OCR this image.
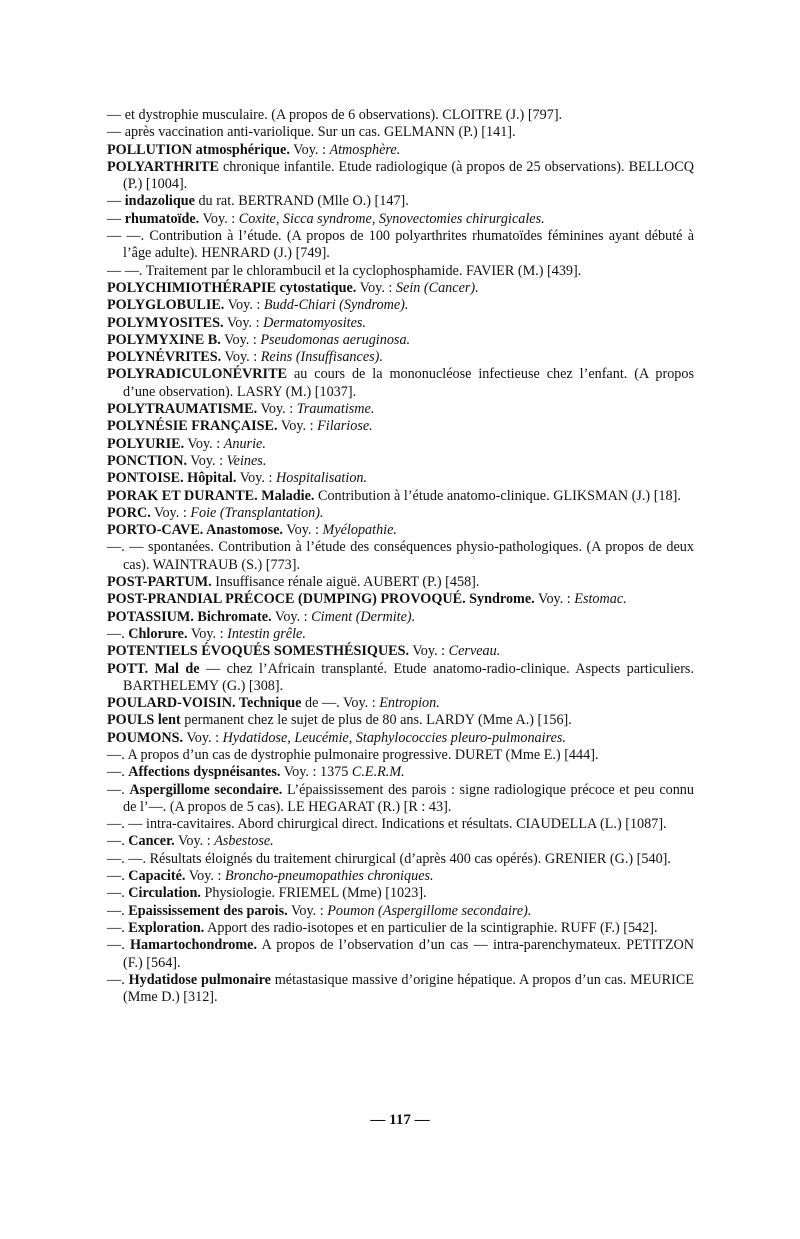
— et dystrophie musculaire. (A propos de 6 observations). CLOITRE (J.) [797].

— après vaccination anti-variolique. Sur un cas. GELMANN (P.) [141].

POLLUTION atmosphérique. Voy. : Atmosphère.

POLYARTHRITE chronique infantile. Etude radiologique (à propos de 25 observations). BELLOCQ (P.) [1004].

— indazolique du rat. BERTRAND (Mlle O.) [147].

— rhumatoïde. Voy. : Coxite, Sicca syndrome, Synovectomies chirurgicales.

— —. Contribution à l’étude. (A propos de 100 polyarthrites rhumatoïdes féminines ayant débuté à l’âge adulte). HENRARD (J.) [749].

— —. Traitement par le chlorambucil et la cyclophosphamide. FAVIER (M.) [439].

POLYCHIMIOTHÉRAPIE cytostatique. Voy. : Sein (Cancer).

POLYGLOBULIE. Voy. : Budd-Chiari (Syndrome).

POLYMYOSITES. Voy. : Dermatomyosites.

POLYMYXINE B. Voy. : Pseudomonas aeruginosa.

POLYNÉVRITES. Voy. : Reins (Insuffisances).

POLYRADICULONÉVRITE au cours de la mononucléose infectieuse chez l’enfant. (A propos d’une observation). LASRY (M.) [1037].

POLYTRAUMATISME. Voy. : Traumatisme.

POLYNÉSIE FRANÇAISE. Voy. : Filariose.

POLYURIE. Voy. : Anurie.

PONCTION. Voy. : Veines.

PONTOISE. Hôpital. Voy. : Hospitalisation.

PORAK ET DURANTE. Maladie. Contribution à l’étude anatomo-clinique. GLIKSMAN (J.) [18].

PORC. Voy. : Foie (Transplantation).

PORTO-CAVE. Anastomose. Voy. : Myélopathie.

—. — spontanées. Contribution à l’étude des conséquences physio-pathologiques. (A propos de deux cas). WAINTRAUB (S.) [773].

POST-PARTUM. Insuffisance rénale aiguë. AUBERT (P.) [458].

POST-PRANDIAL PRÉCOCE (DUMPING) PROVOQUÉ. Syndrome. Voy. : Estomac.

POTASSIUM. Bichromate. Voy. : Ciment (Dermite).

—. Chlorure. Voy. : Intestin grêle.

POTENTIELS ÉVOQUÉS SOMESTHÉSIQUES. Voy. : Cerveau.

POTT. Mal de — chez l’Africain transplanté. Etude anatomo-radio-clinique. Aspects particuliers. BARTHELEMY (G.) [308].

POULARD-VOISIN. Technique de —. Voy. : Entropion.

POULS lent permanent chez le sujet de plus de 80 ans. LARDY (Mme A.) [156].

POUMONS. Voy. : Hydatidose, Leucémie, Staphylococcies pleuro-pulmonaires.

—. A propos d’un cas de dystrophie pulmonaire progressive. DURET (Mme E.) [444].

—. Affections dyspnéisantes. Voy. : 1375 C.E.R.M.

—. Aspergillome secondaire. L’épaississement des parois : signe radiologique précoce et peu connu de l’—. (A propos de 5 cas). LE HEGARAT (R.) [R : 43].

—. — intra-cavitaires. Abord chirurgical direct. Indications et résultats. CIAUDELLA (L.) [1087].

—. Cancer. Voy. : Asbestose.

—. —. Résultats éloignés du traitement chirurgical (d’après 400 cas opérés). GRENIER (G.) [540].

—. Capacité. Voy. : Broncho-pneumopathies chroniques.

—. Circulation. Physiologie. FRIEMEL (Mme) [1023].

—. Epaississement des parois. Voy. : Poumon (Aspergillome secondaire).

—. Exploration. Apport des radio-isotopes et en particulier de la scintigraphie. RUFF (F.) [542].

—. Hamartochondrome. A propos de l’observation d’un cas — intra-parenchymateux. PETITZON (F.) [564].

—. Hydatidose pulmonaire métastasique massive d’origine hépatique. A propos d’un cas. MEURICE (Mme D.) [312].

— 117 —
